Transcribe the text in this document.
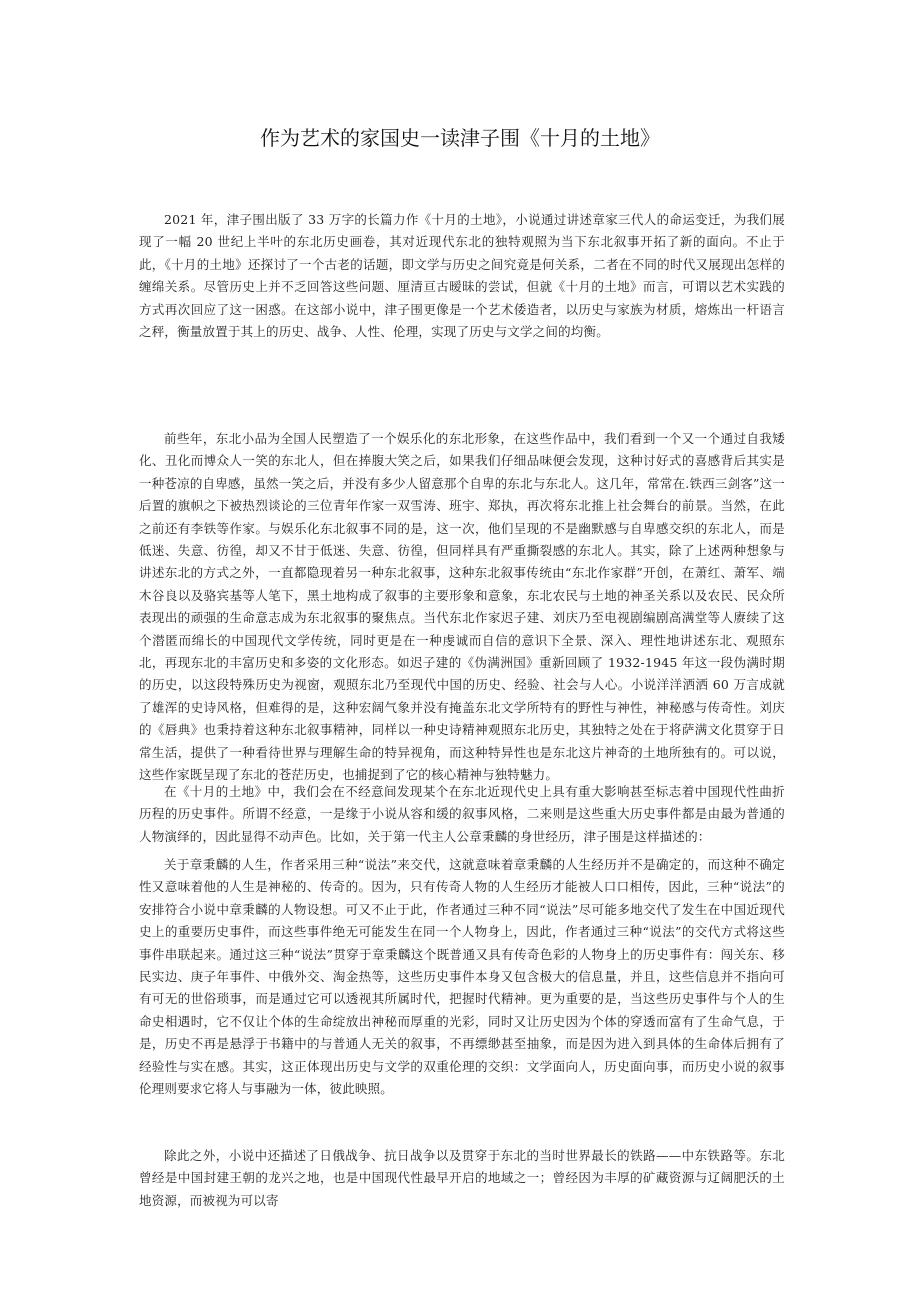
作为艺术的家国史一读津子围《十月的土地》

2021 年，津子围出版了 33 万字的长篇力作《十月的土地》，小说通过讲述章家三代人的命运变迁，为我们展现了一幅 20 世纪上半叶的东北历史画卷，其对近现代东北的独特观照为当下东北叙事开拓了新的面向。不止于此，《十月的土地》还探讨了一个古老的话题，即文学与历史之间究竟是何关系，二者在不同的时代又展现出怎样的缠绵关系。尽管历史上并不乏回答这些问题、厘清亘古暧昧的尝试，但就《十月的土地》而言，可谓以艺术实践的方式再次回应了这一困惑。在这部小说中，津子围更像是一个艺术倭造者，以历史与家族为材质，熔炼出一杆语言之秤，衡量放置于其上的历史、战争、人性、伦理，实现了历史与文学之间的均衡。

前些年，东北小品为全国人民塑造了一个娱乐化的东北形象，在这些作品中，我们看到一个又一个通过自我矮化、丑化而博众人一笑的东北人，但在捧腹大笑之后，如果我们仔细品味便会发现，这种讨好式的喜感背后其实是一种苍凉的自卑感，虽然一笑之后，并没有多少人留意那个自卑的东北与东北人。这几年，常常在.铁西三剑客”这一后置的旗帜之下被热烈谈论的三位青年作家一双雪涛、班宇、郑执，再次将东北推上社会舞台的前景。当然，在此之前还有李铁等作家。与娱乐化东北叙事不同的是，这一次，他们呈现的不是幽默感与自卑感交织的东北人，而是低迷、失意、彷徨，却又不甘于低迷、失意、彷徨，但同样具有严重撕裂感的东北人。其实，除了上述两种想象与讲述东北的方式之外，一直都隐现着另一种东北叙事，这种东北叙事传统由“东北作家群”开创，在萧红、萧军、端木谷良以及骆宾基等人笔下，黑土地构成了叙事的主要形象和意象，东北农民与土地的神圣关系以及农民、民众所表现出的顽强的生命意志成为东北叙事的聚焦点。当代东北作家迟子建、刘庆乃至电视剧编剧高满堂等人赓续了这个潜匿而绵长的中国现代文学传统，同时更是在一种虔诚而自信的意识下全景、深入、理性地讲述东北、观照东北，再现东北的丰富历史和多姿的文化形态。如迟子建的《伪满洲国》重新回顾了 1932-1945 年这一段伪满时期的历史，以这段特殊历史为视窗，观照东北乃至现代中国的历史、经验、社会与人心。小说洋洋洒洒 60 万言成就了雄浑的史诗风格，但难得的是，这种宏阔气象并没有掩盖东北文学所特有的野性与神性，神秘感与传奇性。刘庆的《唇典》也秉持着这种东北叙事精神，同样以一种史诗精神观照东北历史，其独特之处在于将萨满文化贯穿于日常生活，提供了一种看待世界与理解生命的特异视角，而这种特异性也是东北这片神奇的土地所独有的。可以说，这些作家既呈现了东北的苍茫历史，也捕捉到了它的核心精神与独特魅力。

在《十月的土地》中，我们会在不经意间发现某个在东北近现代史上具有重大影响甚至标志着中国现代性曲折历程的历史事件。所谓不经意，一是缘于小说从容和缓的叙事风格，二来则是这些重大历史事件都是由最为普通的人物演绎的，因此显得不动声色。比如，关于第一代主人公章秉麟的身世经历，津子围是这样描述的：

关于章秉麟的人生，作者采用三种“说法”来交代，这就意味着章秉麟的人生经历并不是确定的，而这种不确定性又意味着他的人生是神秘的、传奇的。因为，只有传奇人物的人生经历才能被人口口相传，因此，三种“说法”的安排符合小说中章秉麟的人物设想。可又不止于此，作者通过三种不同“说法”尽可能多地交代了发生在中国近现代史上的重要历史事件，而这些事件绝无可能发生在同一个人物身上，因此，作者通过三种“说法”的交代方式将这些事件串联起来。通过这三种“说法”贯穿于章秉麟这个既普通又具有传奇色彩的人物身上的历史事件有：闯关东、移民实边、庚子年事件、中俄外交、淘金热等，这些历史事件本身又包含极大的信息量，并且，这些信息并不指向可有可无的世俗琐事，而是通过它可以透视其所属时代，把握时代精神。更为重要的是，当这些历史事件与个人的生命史相遇时，它不仅让个体的生命绽放出神秘而厚重的光彩，同时又让历史因为个体的穿透而富有了生命气息，于是，历史不再是悬浮于书籍中的与普通人无关的叙事，不再缥缈甚至抽象，而是因为进入到具体的生命体后拥有了经验性与实在感。其实，这正体现出历史与文学的双重伦理的交织：文学面向人，历史面向事，而历史小说的叙事伦理则要求它将人与事融为一体，彼此映照。

除此之外，小说中还描述了日俄战争、抗日战争以及贯穿于东北的当时世界最长的铁路——中东铁路等。东北曾经是中国封建王朝的龙兴之地，也是中国现代性最早开启的地域之一；曾经因为丰厚的矿藏资源与辽阔肥沃的土地资源，而被视为可以寄
